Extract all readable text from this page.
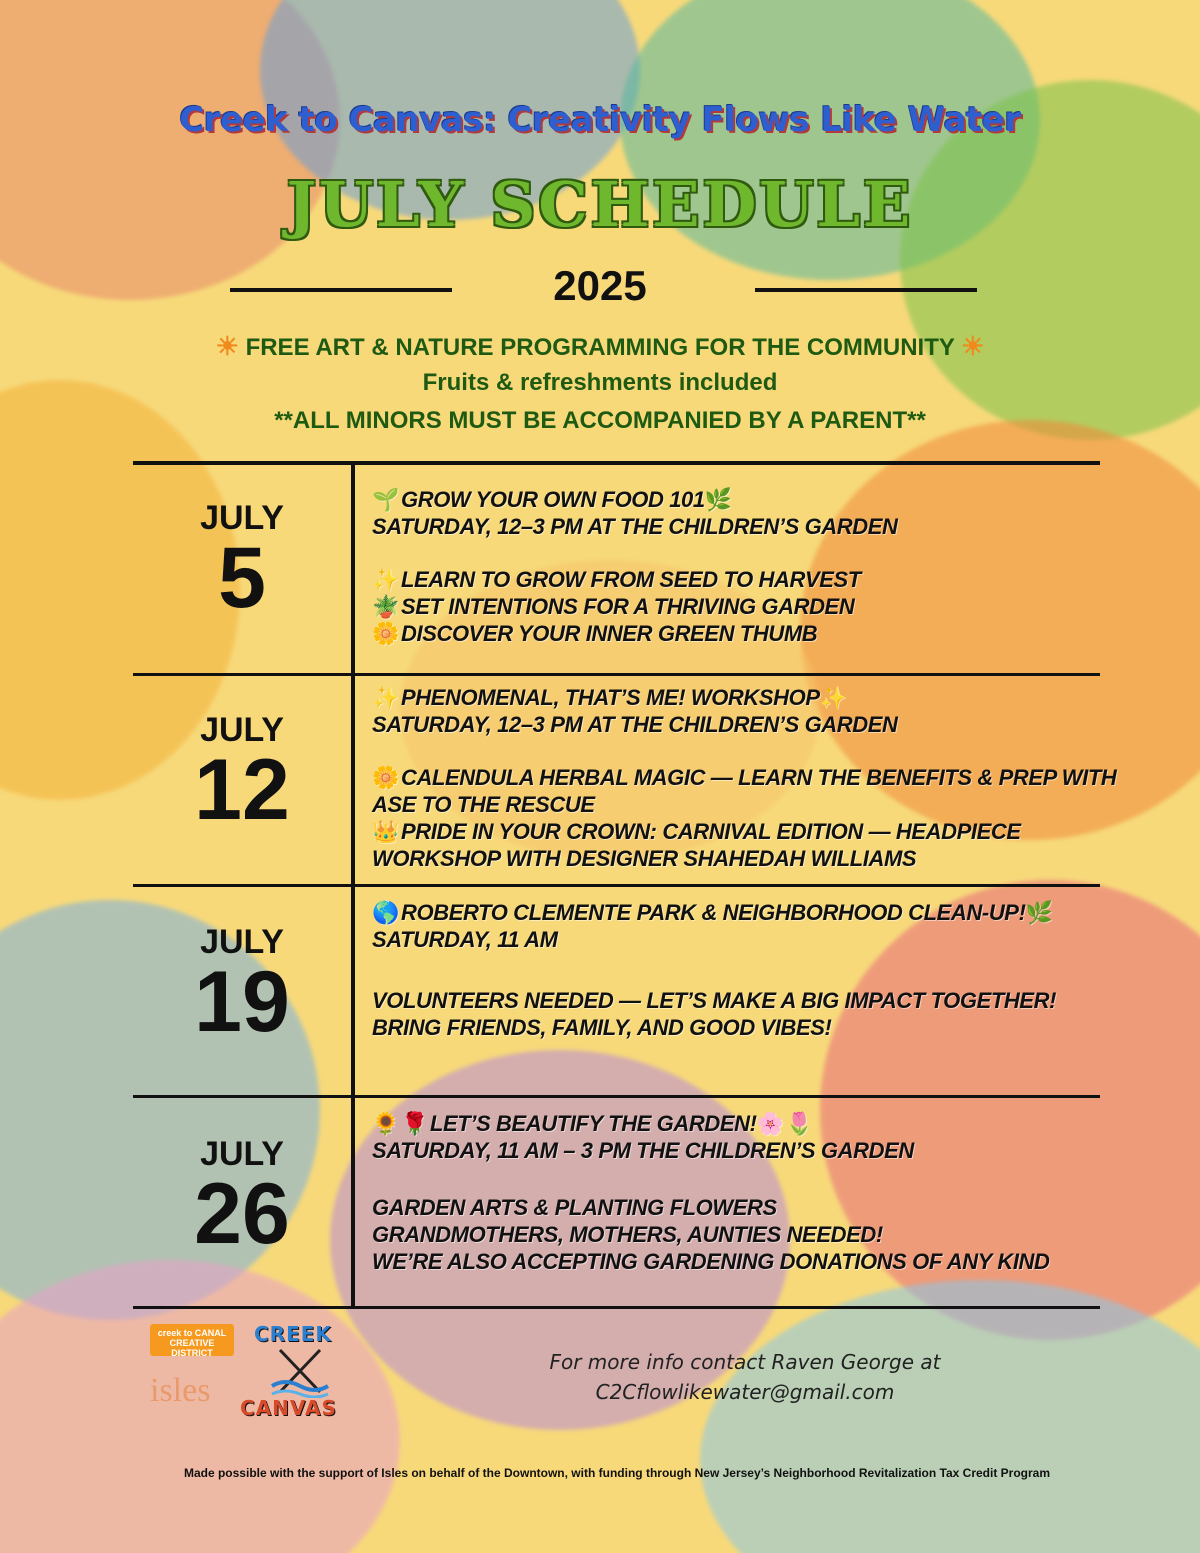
Creek to Canvas: Creativity Flows Like Water
JULY SCHEDULE
2025
☀ FREE ART & NATURE PROGRAMMING FOR THE COMMUNITY ☀
Fruits & refreshments included
**ALL MINORS MUST BE ACCOMPANIED BY A PARENT**
JULY
5
🌱GROW YOUR OWN FOOD 101🌿
SATURDAY, 12–3 PM AT THE CHILDREN’S GARDEN
✨LEARN TO GROW FROM SEED TO HARVEST
🪴SET INTENTIONS FOR A THRIVING GARDEN
🌼DISCOVER YOUR INNER GREEN THUMB
JULY
12
✨PHENOMENAL, THAT’S ME! WORKSHOP✨
SATURDAY, 12–3 PM AT THE CHILDREN’S GARDEN
🌼CALENDULA HERBAL MAGIC — LEARN THE BENEFITS & PREP WITH
ASE TO THE RESCUE
👑PRIDE IN YOUR CROWN: CARNIVAL EDITION — HEADPIECE
WORKSHOP WITH DESIGNER SHAHEDAH WILLIAMS
JULY
19
🌎ROBERTO CLEMENTE PARK & NEIGHBORHOOD CLEAN-UP!🌿
SATURDAY, 11 AM
VOLUNTEERS NEEDED — LET’S MAKE A BIG IMPACT TOGETHER!
BRING FRIENDS, FAMILY, AND GOOD VIBES!
JULY
26
🌻🌹LET’S BEAUTIFY THE GARDEN!🌸🌷
SATURDAY, 11 AM – 3 PM THE CHILDREN’S GARDEN
GARDEN ARTS & PLANTING FLOWERS
GRANDMOTHERS, MOTHERS, AUNTIES NEEDED!
WE’RE ALSO ACCEPTING GARDENING DONATIONS OF ANY KIND
creek to CANAL CREATIVE DISTRICT
isles
CREEK
CANVAS
For more info contact Raven George at
C2Cflowlikewater@gmail.com
Made possible with the support of Isles on behalf of the Downtown, with funding through New Jersey’s Neighborhood Revitalization Tax Credit Program
